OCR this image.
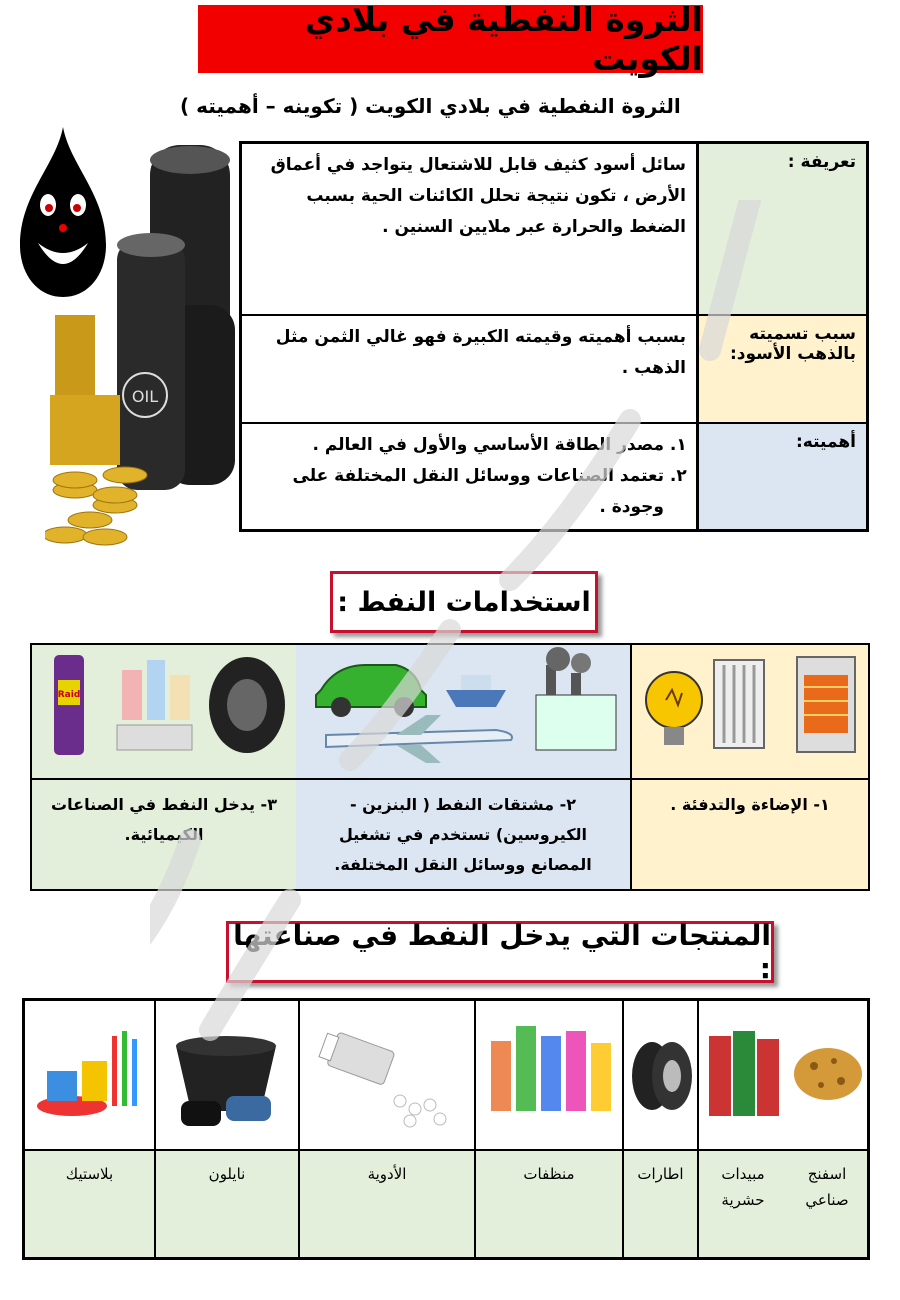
الثروة النفطية في بلادي الكويت
الثروة النفطية في بلادي الكويت ( تكوينه – أهميته )
OIL
تعريفة :
سائل أسود كثيف قابل للاشتعال يتواجد في أعماق الأرض ، تكون نتيجة تحلل الكائنات الحية بسبب الضغط والحرارة عبر ملايين السنين .
سبب تسميته بالذهب الأسود:
بسبب أهميته وقيمته الكبيرة فهو غالي الثمن مثل الذهب .
أهميته:
1. مصدر الطاقة الأساسي والأول في العالم .
2. تعتمد الصناعات ووسائل النقل المختلفة على وجودة .
استخدامات النفط :
١- الإضاءة والتدفئة .
٢- مشتقات النفط ( البنزين - الكيروسين) تستخدم في تشغيل المصانع ووسائل النقل المختلفة.
Raid
٣- يدخل النفط في الصناعات الكيميائية.
المنتجات التي يدخل النفط في صناعتها :
اسفنج صناعي
مبيدات حشرية
اطارات
منظفات
الأدوية
نايلون
بلاستيك
